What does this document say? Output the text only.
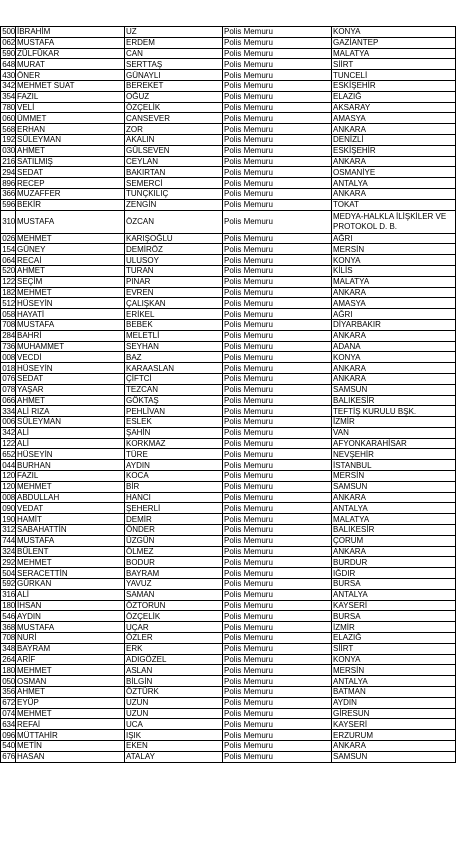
500	İBRAHİM	UZ	Polis Memuru	KONYA
062	MUSTAFA	ERDEM	Polis Memuru	GAZİANTEP
590	ZÜLFÜKAR	CAN	Polis Memuru	MALATYA
648	MURAT	SERTTAŞ	Polis Memuru	SİİRT
430	ÖNER	GÜNAYLI	Polis Memuru	TUNCELİ
342	MEHMET SUAT	BEREKET	Polis Memuru	ESKİŞEHİR
354	FAZIL	OĞUZ	Polis Memuru	ELAZIĞ
780	VELİ	ÖZÇELİK	Polis Memuru	AKSARAY
060	ÜMMET	CANSEVER	Polis Memuru	AMASYA
568	ERHAN	ZOR	Polis Memuru	ANKARA
192	SÜLEYMAN	AKALIN	Polis Memuru	DENİZLİ
030	AHMET	GÜLSEVEN	Polis Memuru	ESKİŞEHİR
216	SATILMIŞ	CEYLAN	Polis Memuru	ANKARA
294	SEDAT	BAKIRTAN	Polis Memuru	OSMANİYE
896	RECEP	SEMERCİ	Polis Memuru	ANTALYA
366	MUZAFFER	TUNÇKILIÇ	Polis Memuru	ANKARA
596	BEKİR	ZENGİN	Polis Memuru	TOKAT
310	MUSTAFA	ÖZCAN	Polis Memuru	MEDYA-HALKLA İLİŞKİLER VE PROTOKOL D. B.
026	MEHMET	KARIŞOĞLU	Polis Memuru	AĞRI
154	GÜNEY	DEMİRÖZ	Polis Memuru	MERSİN
064	RECAİ	ULUSOY	Polis Memuru	KONYA
520	AHMET	TURAN	Polis Memuru	KİLİS
122	SEÇİM	PINAR	Polis Memuru	MALATYA
182	MEHMET	EVREN	Polis Memuru	ANKARA
512	HÜSEYİN	ÇALIŞKAN	Polis Memuru	AMASYA
058	HAYATİ	ERİKEL	Polis Memuru	AĞRI
708	MUSTAFA	BEBEK	Polis Memuru	DİYARBAKIR
284	BAHRİ	MELETLİ	Polis Memuru	ANKARA
736	MUHAMMET	SEYHAN	Polis Memuru	ADANA
008	VECDİ	BAZ	Polis Memuru	KONYA
018	HÜSEYİN	KARAASLAN	Polis Memuru	ANKARA
076	SEDAT	ÇİFTCİ	Polis Memuru	ANKARA
078	YAŞAR	TEZCAN	Polis Memuru	SAMSUN
066	AHMET	GÖKTAŞ	Polis Memuru	BALIKESİR
334	ALİ RIZA	PEHLİVAN	Polis Memuru	TEFTİŞ KURULU BŞK.
006	SÜLEYMAN	ESLEK	Polis Memuru	İZMİR
342	ALİ	ŞAHİN	Polis Memuru	VAN
122	ALİ	KORKMAZ	Polis Memuru	AFYONKARAHİSAR
652	HÜSEYİN	TÜRE	Polis Memuru	NEVŞEHİR
044	BURHAN	AYDIN	Polis Memuru	İSTANBUL
120	FAZIL	KOCA	Polis Memuru	MERSİN
120	MEHMET	BİR	Polis Memuru	SAMSUN
008	ABDULLAH	HANCI	Polis Memuru	ANKARA
090	VEDAT	ŞEHERLİ	Polis Memuru	ANTALYA
190	HAMİT	DEMİR	Polis Memuru	MALATYA
312	SABAHATTİN	ÖNDER	Polis Memuru	BALIKESİR
744	MUSTAFA	ÜZGÜN	Polis Memuru	ÇORUM
324	BÜLENT	ÖLMEZ	Polis Memuru	ANKARA
292	MEHMET	BODUR	Polis Memuru	BURDUR
504	SERACETTİN	BAYRAM	Polis Memuru	IĞDIR
592	GÜRKAN	YAVUZ	Polis Memuru	BURSA
316	ALİ	SAMAN	Polis Memuru	ANTALYA
180	İHSAN	ÖZTORUN	Polis Memuru	KAYSERİ
546	AYDIN	ÖZÇELİK	Polis Memuru	BURSA
368	MUSTAFA	UÇAR	Polis Memuru	İZMİR
708	NURİ	ÖZLER	Polis Memuru	ELAZIĞ
348	BAYRAM	ERK	Polis Memuru	SİİRT
264	ARİF	ADIGÖZEL	Polis Memuru	KONYA
180	MEHMET	ASLAN	Polis Memuru	MERSİN
050	OSMAN	BİLGİN	Polis Memuru	ANTALYA
356	AHMET	ÖZTÜRK	Polis Memuru	BATMAN
672	EYÜP	UZUN	Polis Memuru	AYDIN
074	MEHMET	UZUN	Polis Memuru	GİRESUN
634	REFAİ	UCA	Polis Memuru	KAYSERİ
096	MÜTTAHİR	IŞIK	Polis Memuru	ERZURUM
540	METİN	EKEN	Polis Memuru	ANKARA
676	HASAN	ATALAY	Polis Memuru	SAMSUN
